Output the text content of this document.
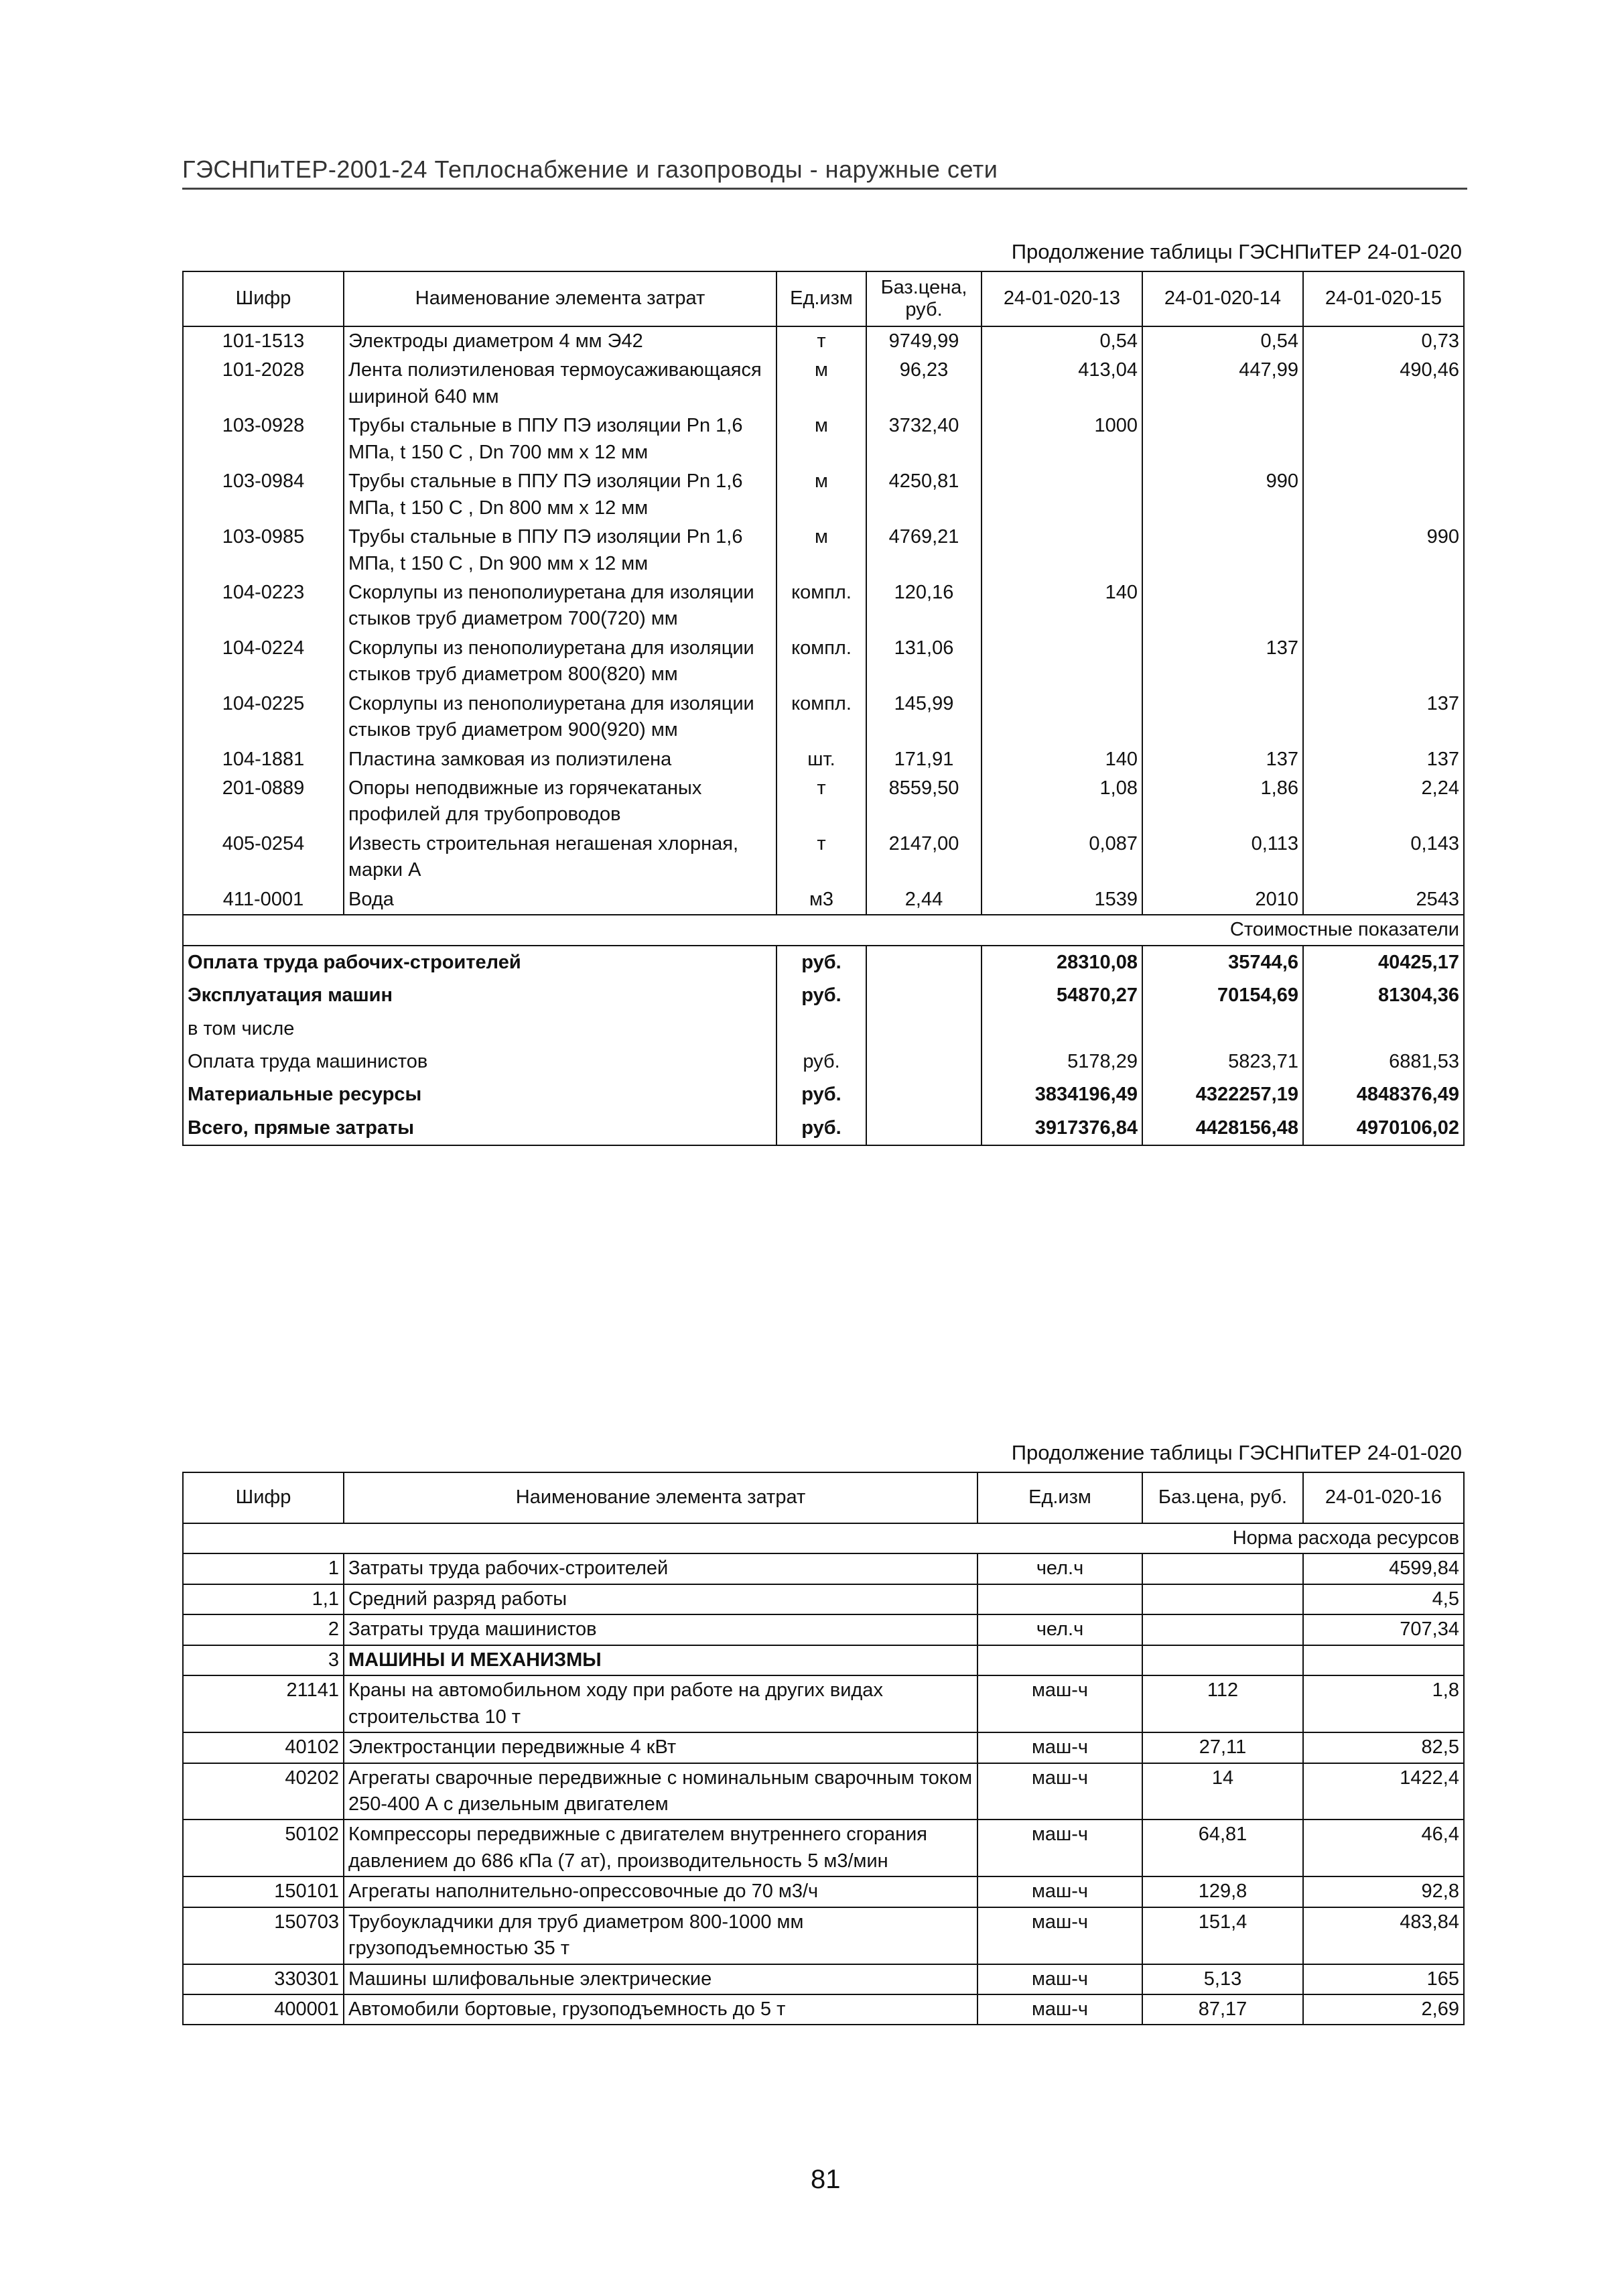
ГЭСНПиТЕР-2001-24 Теплоснабжение и газопроводы - наружные сети
Продолжение таблицы ГЭСНПиТЕР 24-01-020
Шифр	Наименование элемента затрат	Ед.изм	Баз.цена, руб.	24-01-020-13	24-01-020-14	24-01-020-15
101-1513	Электроды диаметром 4 мм Э42	т	9749,99	0,54	0,54	0,73
101-2028	Лента полиэтиленовая термоусаживающаяся шириной 640 мм	м	96,23	413,04	447,99	490,46
103-0928	Трубы стальные в ППУ ПЭ изоляции Pn 1,6 МПа, t 150 С , Dn 700 мм х 12 мм	м	3732,40	1000		
103-0984	Трубы стальные в ППУ ПЭ изоляции Pn 1,6 МПа, t 150 С , Dn 800 мм х 12 мм	м	4250,81		990	
103-0985	Трубы стальные в ППУ ПЭ изоляции Pn 1,6 МПа, t 150 С , Dn 900 мм х 12 мм	м	4769,21			990
104-0223	Скорлупы из пенополиуретана для изоляции стыков труб диаметром 700(720) мм	компл.	120,16	140		
104-0224	Скорлупы из пенополиуретана для изоляции стыков труб диаметром 800(820) мм	компл.	131,06		137	
104-0225	Скорлупы из пенополиуретана для изоляции стыков труб диаметром 900(920) мм	компл.	145,99			137
104-1881	Пластина замковая из полиэтилена	шт.	171,91	140	137	137
201-0889	Опоры неподвижные из горячекатаных профилей для трубопроводов	т	8559,50	1,08	1,86	2,24
405-0254	Известь строительная негашеная хлорная, марки А	т	2147,00	0,087	0,113	0,143
411-0001	Вода	м3	2,44	1539	2010	2543
Стоимостные показатели						
Оплата труда рабочих-строителей		руб.		28310,08	35744,6	40425,17
Эксплуатация машин		руб.		54870,27	70154,69	81304,36
в том числе						
Оплата труда машинистов		руб.		5178,29	5823,71	6881,53
Материальные ресурсы		руб.		3834196,49	4322257,19	4848376,49
Всего, прямые затраты		руб.		3917376,84	4428156,48	4970106,02
Продолжение таблицы ГЭСНПиТЕР 24-01-020
Шифр	Наименование элемента затрат	Ед.изм	Баз.цена, руб.	24-01-020-16
Норма расхода ресурсов				
1	Затраты труда рабочих-строителей	чел.ч		4599,84
1,1	Средний разряд работы			4,5
2	Затраты труда машинистов	чел.ч		707,34
3	МАШИНЫ И МЕХАНИЗМЫ			
21141	Краны на автомобильном ходу при работе на других видах строительства 10 т	маш-ч	112	1,8
40102	Электростанции передвижные 4 кВт	маш-ч	27,11	82,5
40202	Агрегаты сварочные передвижные с номинальным сварочным током 250-400 А с дизельным двигателем	маш-ч	14	1422,4
50102	Компрессоры передвижные с двигателем внутреннего сгорания давлением до 686 кПа (7 ат), производительность 5 м3/мин	маш-ч	64,81	46,4
150101	Агрегаты наполнительно-опрессовочные до 70 м3/ч	маш-ч	129,8	92,8
150703	Трубоукладчики для труб диаметром 800-1000 мм грузоподъемностью 35 т	маш-ч	151,4	483,84
330301	Машины шлифовальные электрические	маш-ч	5,13	165
400001	Автомобили бортовые, грузоподъемность до 5 т	маш-ч	87,17	2,69
81
